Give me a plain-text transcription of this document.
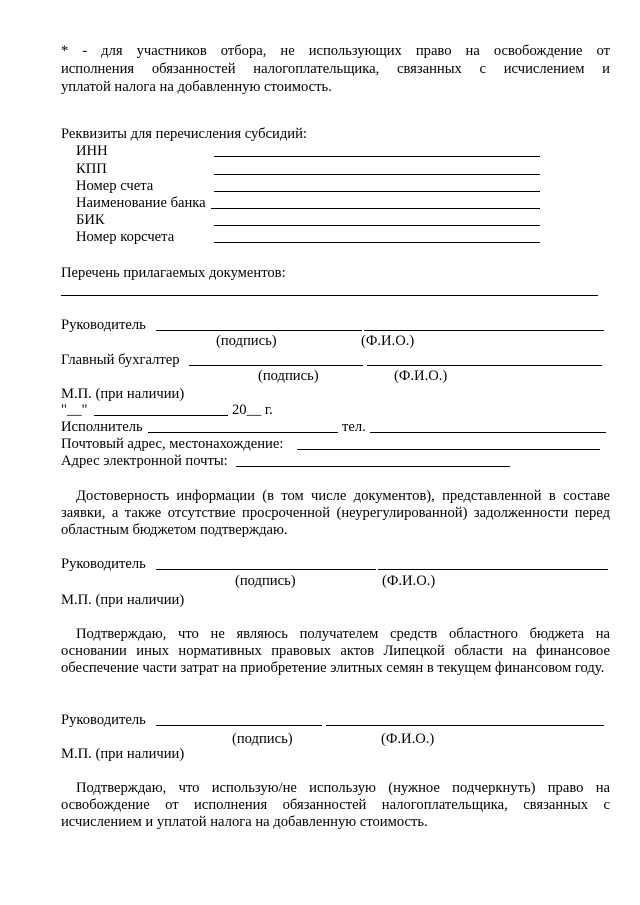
* - для участников отбора, не использующих право на освобождение от
исполнения обязанностей налогоплательщика, связанных с исчислением и
уплатой налога на добавленную стоимость.
Реквизиты для перечисления субсидий:
ИНН
КПП
Номер счета
Наименование банка
БИК
Номер корсчета
Перечень прилагаемых документов:
Руководитель
(подпись)	(Ф.И.О.)
Главный бухгалтер
(подпись)	(Ф.И.О.)
М.П. (при наличии)
"__"	20__ г.
Исполнитель	тел.
Почтовый адрес, местонахождение:
Адрес электронной почты:
Достоверность информации (в том числе документов), представленной в составе заявки, а также отсутствие просроченной (неурегулированной) задолженности перед областным бюджетом подтверждаю.
Руководитель
(подпись)	(Ф.И.О.)
М.П. (при наличии)
Подтверждаю, что не являюсь получателем средств областного бюджета на основании иных нормативных правовых актов Липецкой области на финансовое обеспечение части затрат на приобретение элитных семян в текущем финансовом году.
Руководитель
(подпись)	(Ф.И.О.)
М.П. (при наличии)
Подтверждаю, что использую/не использую (нужное подчеркнуть) право на освобождение от исполнения обязанностей налогоплательщика, связанных с исчислением и уплатой налога на добавленную стоимость.
